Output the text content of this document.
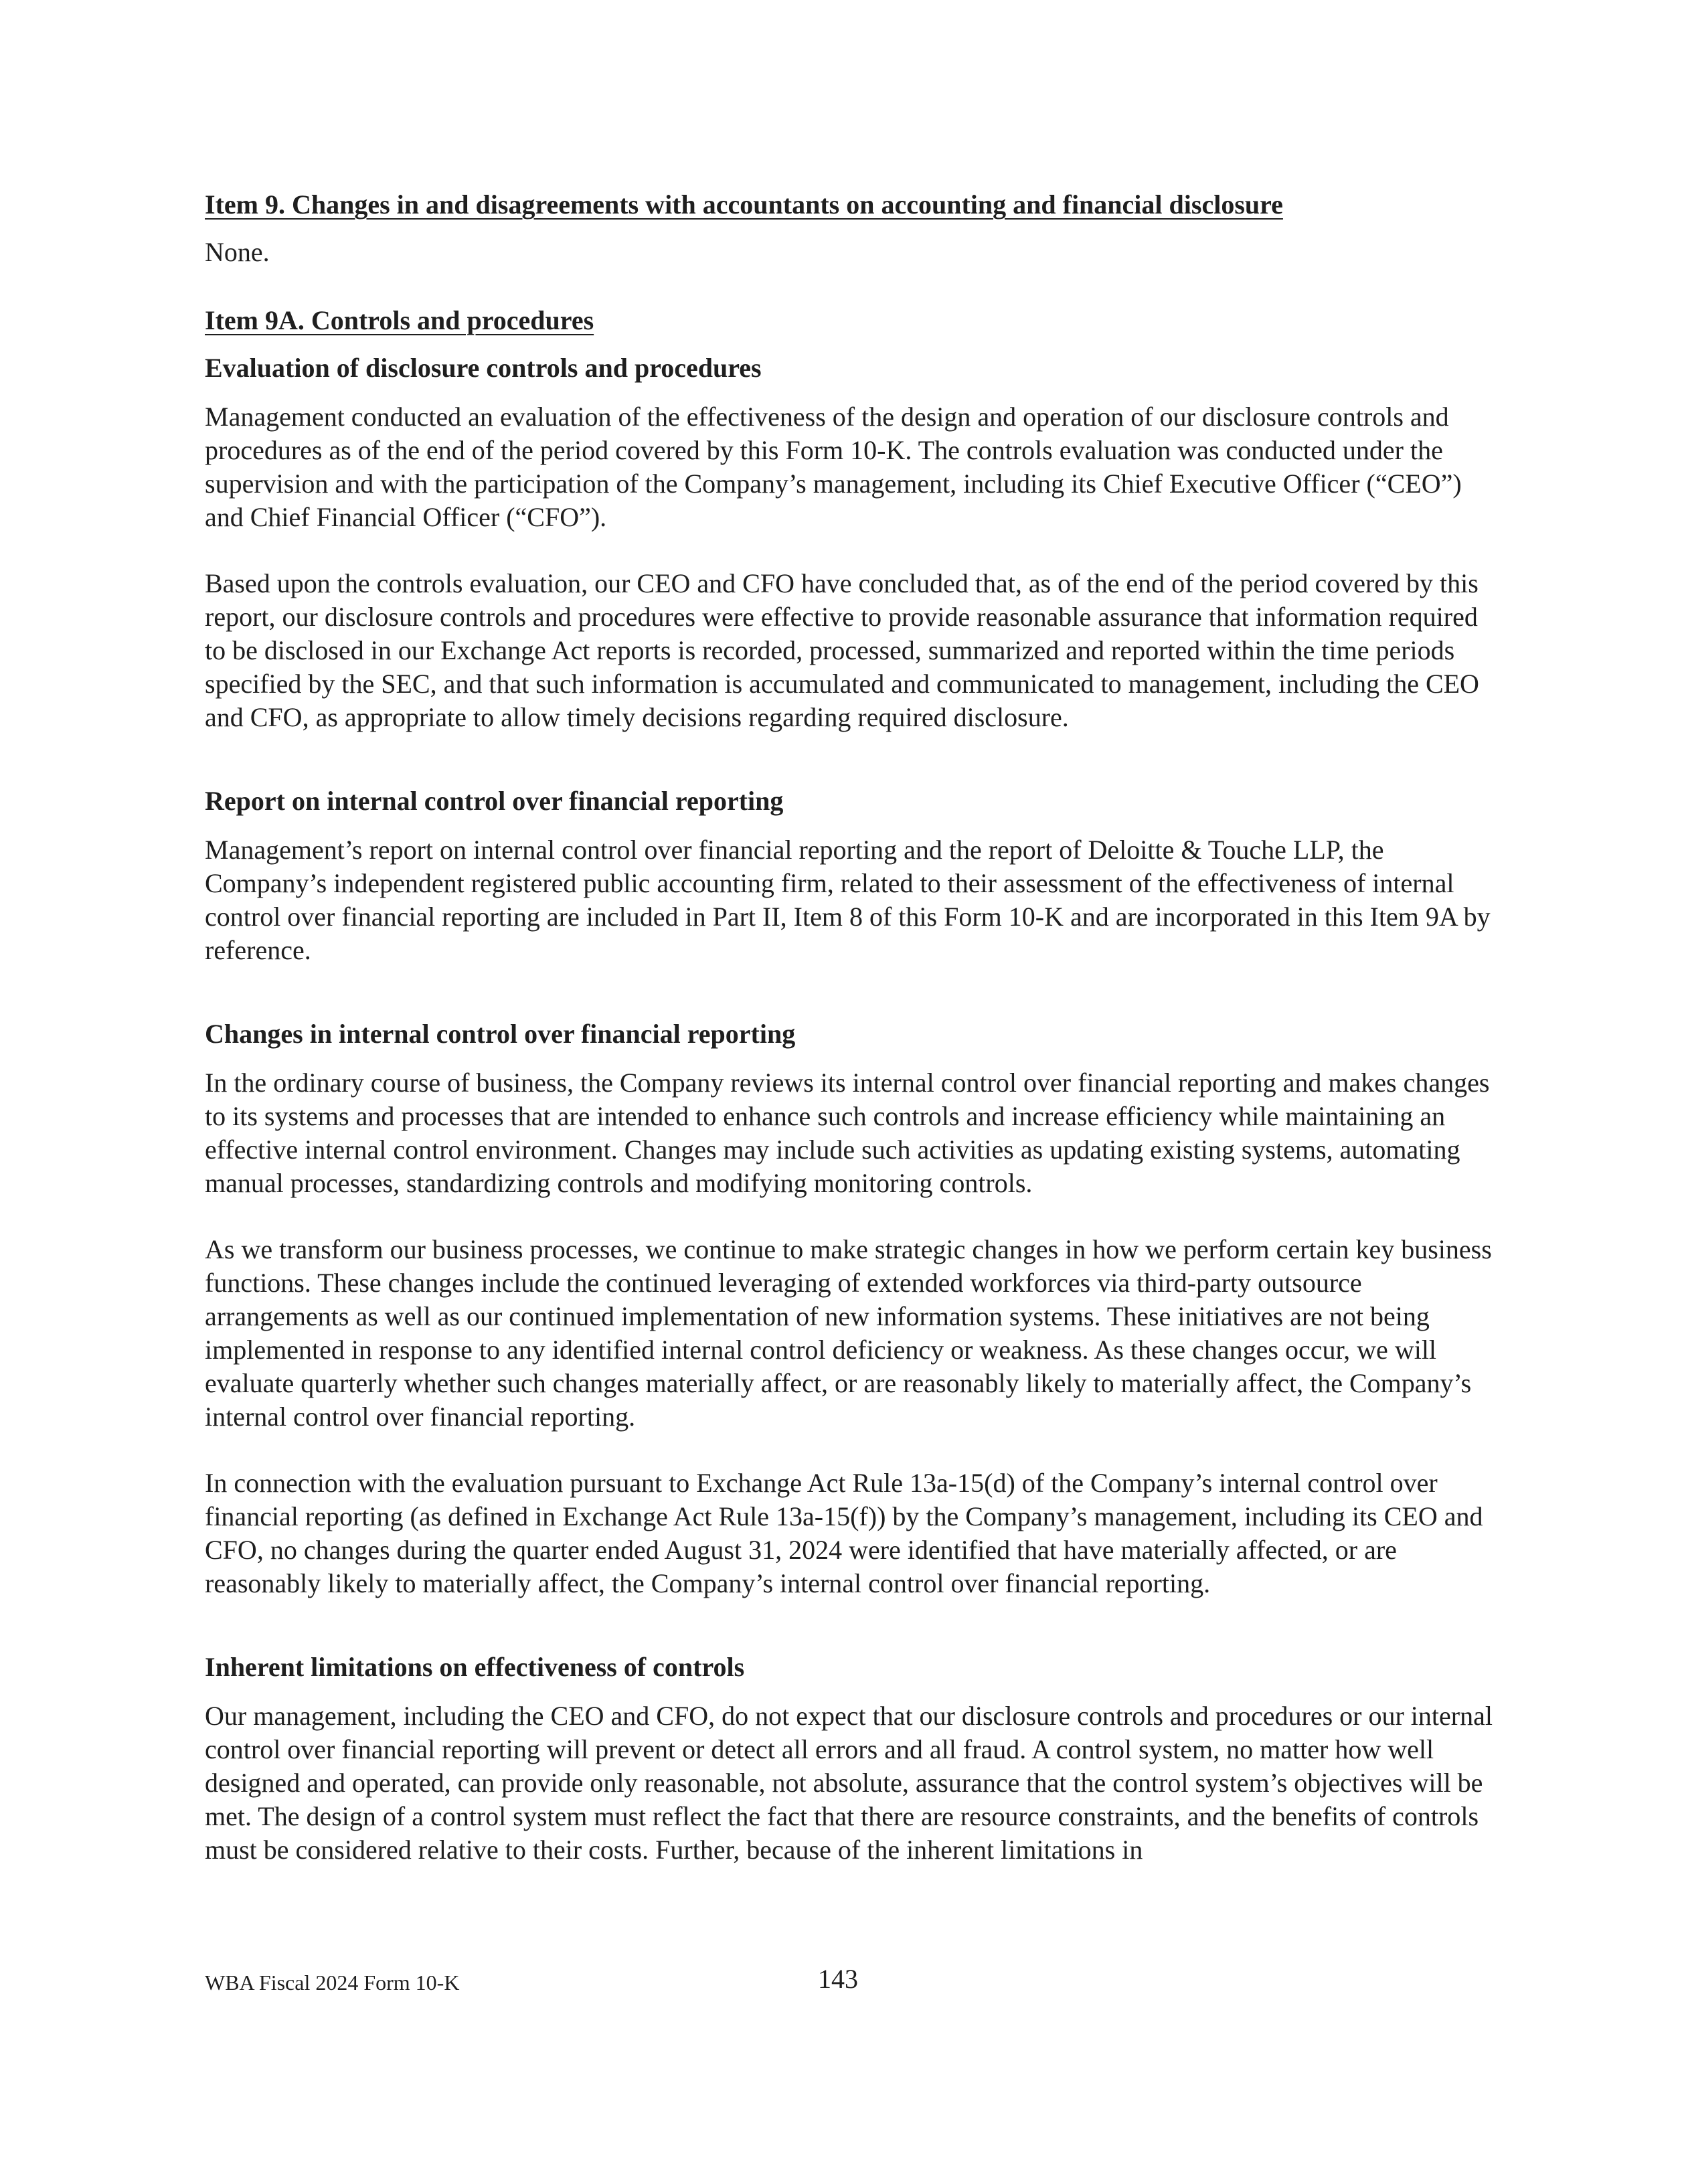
Item 9. Changes in and disagreements with accountants on accounting and financial disclosure

None.

Item 9A. Controls and procedures
Evaluation of disclosure controls and procedures

Management conducted an evaluation of the effectiveness of the design and operation of our disclosure controls and procedures as of the end of the period covered by this Form 10-K. The controls evaluation was conducted under the supervision and with the participation of the Company’s management, including its Chief Executive Officer (“CEO”) and Chief Financial Officer (“CFO”).

Based upon the controls evaluation, our CEO and CFO have concluded that, as of the end of the period covered by this report, our disclosure controls and procedures were effective to provide reasonable assurance that information required to be disclosed in our Exchange Act reports is recorded, processed, summarized and reported within the time periods specified by the SEC, and that such information is accumulated and communicated to management, including the CEO and CFO, as appropriate to allow timely decisions regarding required disclosure.

Report on internal control over financial reporting

Management’s report on internal control over financial reporting and the report of Deloitte & Touche LLP, the Company’s independent registered public accounting firm, related to their assessment of the effectiveness of internal control over financial reporting are included in Part II, Item 8 of this Form 10-K and are incorporated in this Item 9A by reference.

Changes in internal control over financial reporting

In the ordinary course of business, the Company reviews its internal control over financial reporting and makes changes to its systems and processes that are intended to enhance such controls and increase efficiency while maintaining an effective internal control environment. Changes may include such activities as updating existing systems, automating manual processes, standardizing controls and modifying monitoring controls.

As we transform our business processes, we continue to make strategic changes in how we perform certain key business functions. These changes include the continued leveraging of extended workforces via third-party outsource arrangements as well as our continued implementation of new information systems. These initiatives are not being implemented in response to any identified internal control deficiency or weakness. As these changes occur, we will evaluate quarterly whether such changes materially affect, or are reasonably likely to materially affect, the Company’s internal control over financial reporting.

In connection with the evaluation pursuant to Exchange Act Rule 13a-15(d) of the Company’s internal control over financial reporting (as defined in Exchange Act Rule 13a-15(f)) by the Company’s management, including its CEO and CFO, no changes during the quarter ended August 31, 2024 were identified that have materially affected, or are reasonably likely to materially affect, the Company’s internal control over financial reporting.

Inherent limitations on effectiveness of controls

Our management, including the CEO and CFO, do not expect that our disclosure controls and procedures or our internal control over financial reporting will prevent or detect all errors and all fraud. A control system, no matter how well designed and operated, can provide only reasonable, not absolute, assurance that the control system’s objectives will be met. The design of a control system must reflect the fact that there are resource constraints, and the benefits of controls must be considered relative to their costs. Further, because of the inherent limitations in

WBA Fiscal 2024 Form 10-K	143
